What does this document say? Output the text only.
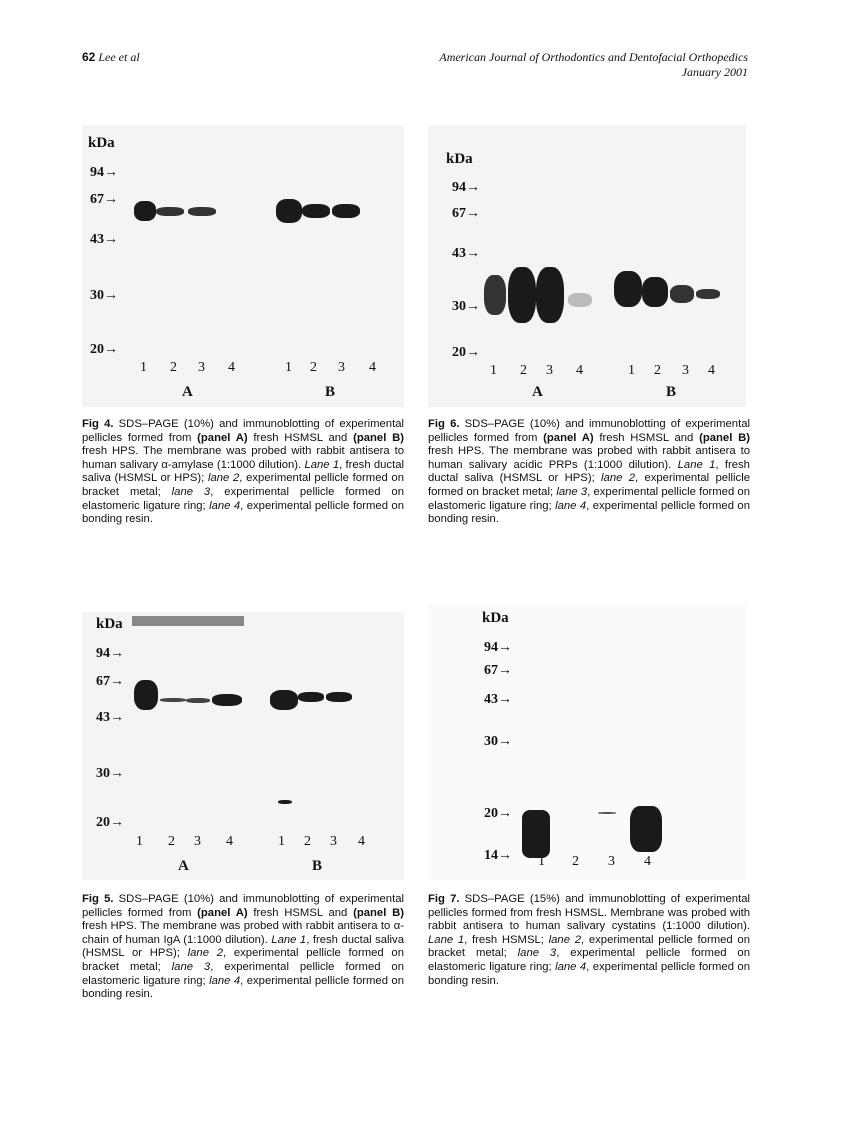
62 Lee et al	American Journal of Orthodontics and Dentofacial Orthopedics
January 2001
kDa
94→
67→
43→
30→
20→
1 2 3 4	1 2 3 4
A	B
Fig 4. SDS–PAGE (10%) and immunoblotting of experimental pellicles formed from (panel A) fresh HSMSL and (panel B) fresh HPS. The membrane was probed with rabbit antisera to human salivary α-amylase (1:1000 dilution). Lane 1, fresh ductal saliva (HSMSL or HPS); lane 2, experimental pellicle formed on bracket metal; lane 3, experimental pellicle formed on elastomeric ligature ring; lane 4, experimental pellicle formed on bonding resin.
kDa
94→
67→
43→
30→
20→
1 2 3 4	1 2 3 4
A	B
Fig 6. SDS–PAGE (10%) and immunoblotting of experimental pellicles formed from (panel A) fresh HSMSL and (panel B) fresh HPS. The membrane was probed with rabbit antisera to human salivary acidic PRPs (1:1000 dilution). Lane 1, fresh ductal saliva (HSMSL or HPS); lane 2, experimental pellicle formed on bracket metal; lane 3, experimental pellicle formed on elastomeric ligature ring; lane 4, experimental pellicle formed on bonding resin.
kDa
94→
67→
43→
30→
20→
1 2 3 4	1 2 3 4
A	B
Fig 5. SDS–PAGE (10%) and immunoblotting of experimental pellicles formed from (panel A) fresh HSMSL and (panel B) fresh HPS. The membrane was probed with rabbit antisera to α-chain of human IgA (1:1000 dilution). Lane 1, fresh ductal saliva (HSMSL or HPS); lane 2, experimental pellicle formed on bracket metal; lane 3, experimental pellicle formed on elastomeric ligature ring; lane 4, experimental pellicle formed on bonding resin.
kDa
94→
67→
43→
30→
20→
14→ 1 2 3 4
Fig 7. SDS–PAGE (15%) and immunoblotting of experimental pellicles formed from fresh HSMSL. Membrane was probed with rabbit antisera to human salivary cystatins (1:1000 dilution). Lane 1, fresh HSMSL; lane 2, experimental pellicle formed on bracket metal; lane 3, experimental pellicle formed on elastomeric ligature ring; lane 4, experimental pellicle formed on bonding resin.
